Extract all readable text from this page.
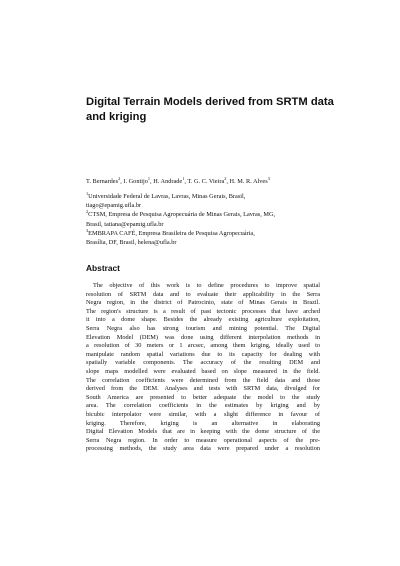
Digital Terrain Models derived from SRTM data
and kriging
T. Bernardes$^2$, I. Gontijo$^1$, H. Andrade$^1$, T. G. C. Vieira$^2$, H. M. R. Alves$^3$
$^1$Universidade Federal de Lavras, Lavras, Minas Gerais, Brasil,
tiago@epamig.ufla.br
$^2$CTSM, Empresa de Pesquisa Agropecuária de Minas Gerais, Lavras, MG,
Brasil, tatiana@epamig.ufla.br
$^3$EMBRAPA CAFÉ, Empresa Brasileira de Pesquisa Agropecuária,
Brasília, DF, Brasil, helena@ufla.br
Abstract
The objective of this work is to define procedures to improve spatial
resolution of SRTM data and to evaluate their applicability in the Serra
Negra region, in the district of Patrocinio, state of Minas Gerais in Brazil.
The region's structure is a result of past tectonic processes that have arched
it into a dome shape. Besides the already existing agriculture exploitation,
Serra Negra also has strong tourism and mining potential. The Digital
Elevation Model (DEM) was done using different interpolation methods in
a resolution of 30 meters or 1 arcsec, among them kriging, ideally used to
manipulate random spatial variations due to its capacity for dealing with
spatially variable components. The accuracy of the resulting DEM and
slope maps modelled were evaluated based on slope measured in the field.
The correlation coefficients were determined from the field data and those
derived from the DEM. Analyses and tests with SRTM data, divulged for
South America are presented to better adequate the model to the study
area. The correlation coefficients in the estimates by kriging and by
bicubic interpolator were similar, with a slight difference in favour of
kriging. Therefore, kriging is an alternative in elaborating
Digital Elevation Models that are in keeping with the dome structure of the
Serra Negra region. In order to measure operational aspects of the pre-
processing methods, the study area data were prepared under a resolution
